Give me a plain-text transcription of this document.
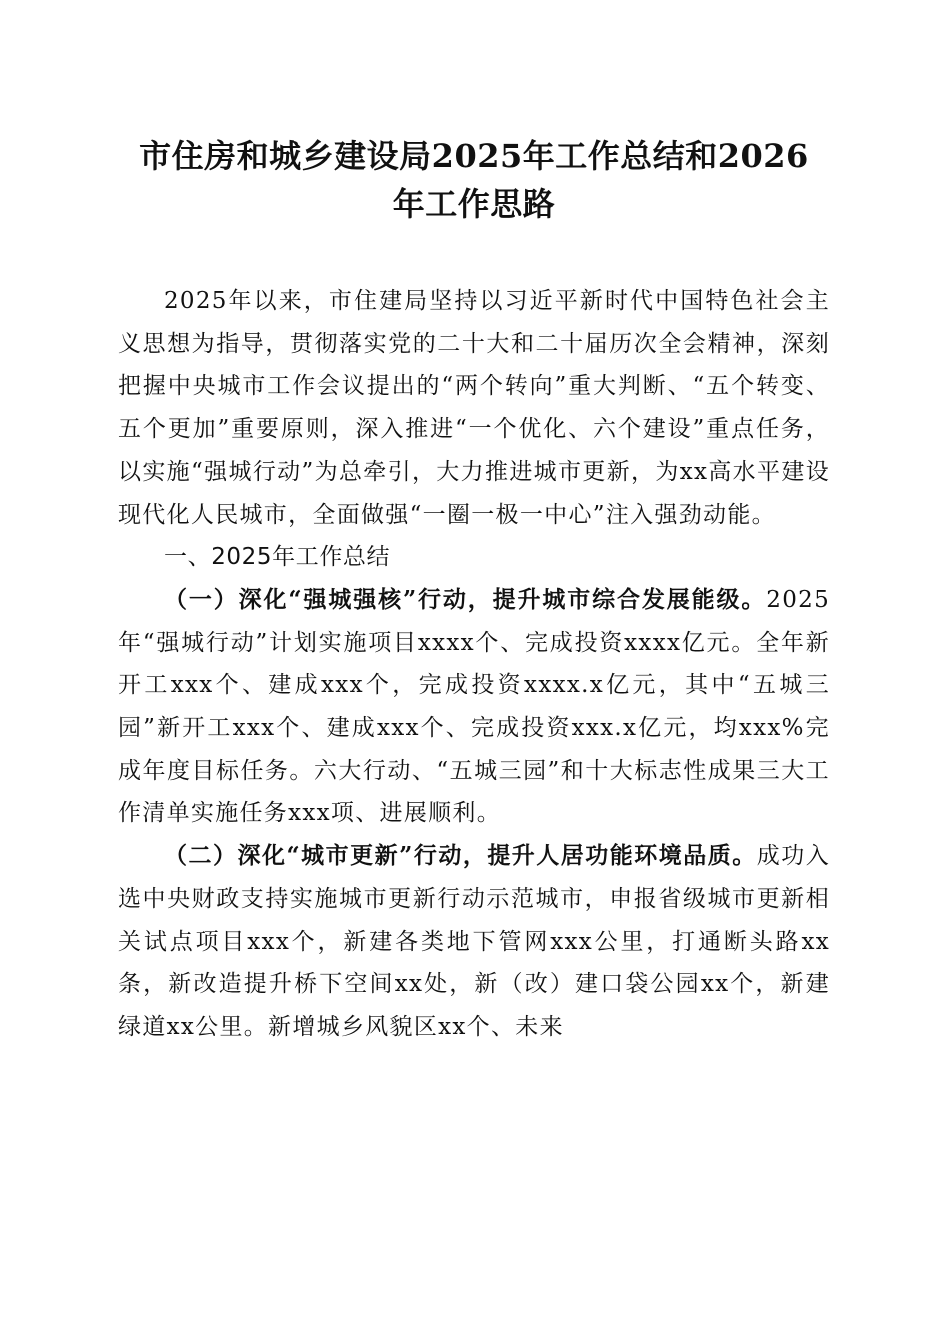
市住房和城乡建设局2025年工作总结和2026
年工作思路

2025年以来，市住建局坚持以习近平新时代中国特色社会主义思想为指导，贯彻落实党的二十大和二十届历次全会精神，深刻把握中央城市工作会议提出的“两个转向”重大判断、“五个转变、五个更加”重要原则，深入推进“一个优化、六个建设”重点任务，以实施“强城行动”为总牵引，大力推进城市更新，为xx高水平建设现代化人民城市，全面做强“一圈一极一中心”注入强劲动能。

一、2025年工作总结

（一）深化“强城强核”行动，提升城市综合发展能级。2025年“强城行动”计划实施项目xxxx个、完成投资xxxx亿元。全年新开工xxx个、建成xxx个，完成投资xxxx.x亿元，其中“五城三园”新开工xxx个、建成xxx个、完成投资xxx.x亿元，均xxx%完成年度目标任务。六大行动、“五城三园”和十大标志性成果三大工作清单实施任务xxx项、进展顺利。

（二）深化“城市更新”行动，提升人居功能环境品质。成功入选中央财政支持实施城市更新行动示范城市，申报省级城市更新相关试点项目xxx个，新建各类地下管网xxx公里，打通断头路xx条，新改造提升桥下空间xx处，新（改）建口袋公园xx个，新建绿道xx公里。新增城乡风貌区xx个、未来
